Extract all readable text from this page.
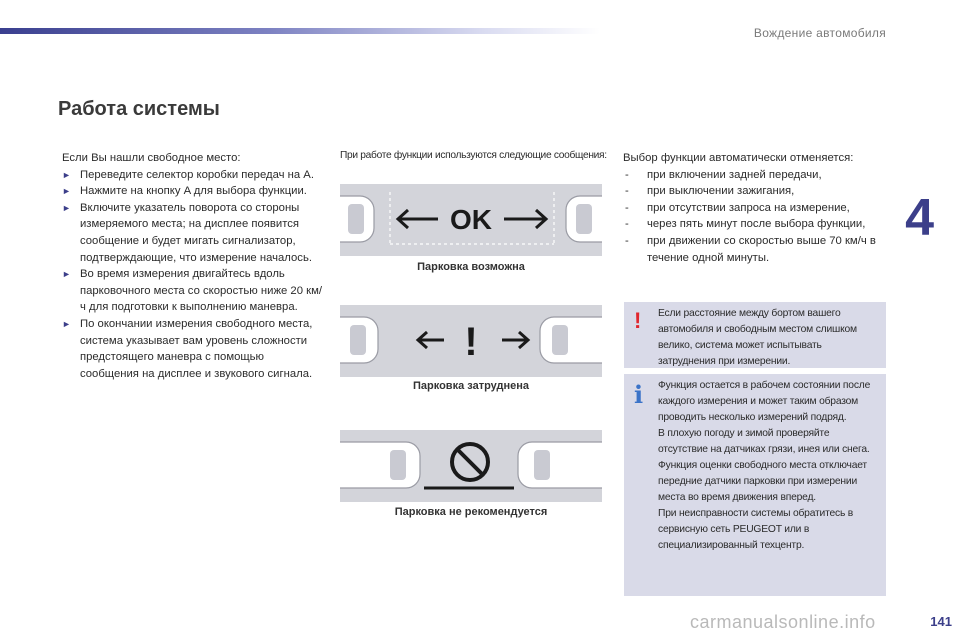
Вождение автомобиля
4
Работа системы

Если Вы нашли свободное место:

► Переведите селектор коробки передач на A.

► Нажмите на кнопку A для выбора функции.

► Включите указатель поворота со стороны измеряемого места; на дисплее появится сообщение и будет мигать сигнализатор, подтверждающие, что измерение началось.

► Во время измерения двигайтесь вдоль парковочного места со скоростью ниже 20 км/ч для подготовки к выполнению маневра.

► По окончании измерения свободного места, система указывает вам уровень сложности предстоящего маневра с помощью сообщения на дисплее и звукового сигнала.

При работе функции используются следующие сообщения:
OK
Парковка возможна
!
Парковка затруднена
Парковка не рекомендуется

Выбор функции автоматически отменяется:

- при включении задней передачи,

- при выключении зажигания,

- при отсутствии запроса на измерение,

- через пять минут после выбора функции,

- при движении со скоростью выше 70 км/ч в течение одной минуты.

! Если расстояние между бортом вашего автомобиля и свободным местом слишком велико, система может испытывать затруднения при измерении.

i Функция остается в рабочем состоянии после каждого измерения и может таким образом проводить несколько измерений подряд.

В плохую погоду и зимой проверяйте отсутствие на датчиках грязи, инея или снега.

Функция оценки свободного места отключает передние датчики парковки при измерении места во время движения вперед.

При неисправности системы обратитесь в сервисную сеть PEUGEOT или в специализированный техцентр.

carmanualsonline.info	141
